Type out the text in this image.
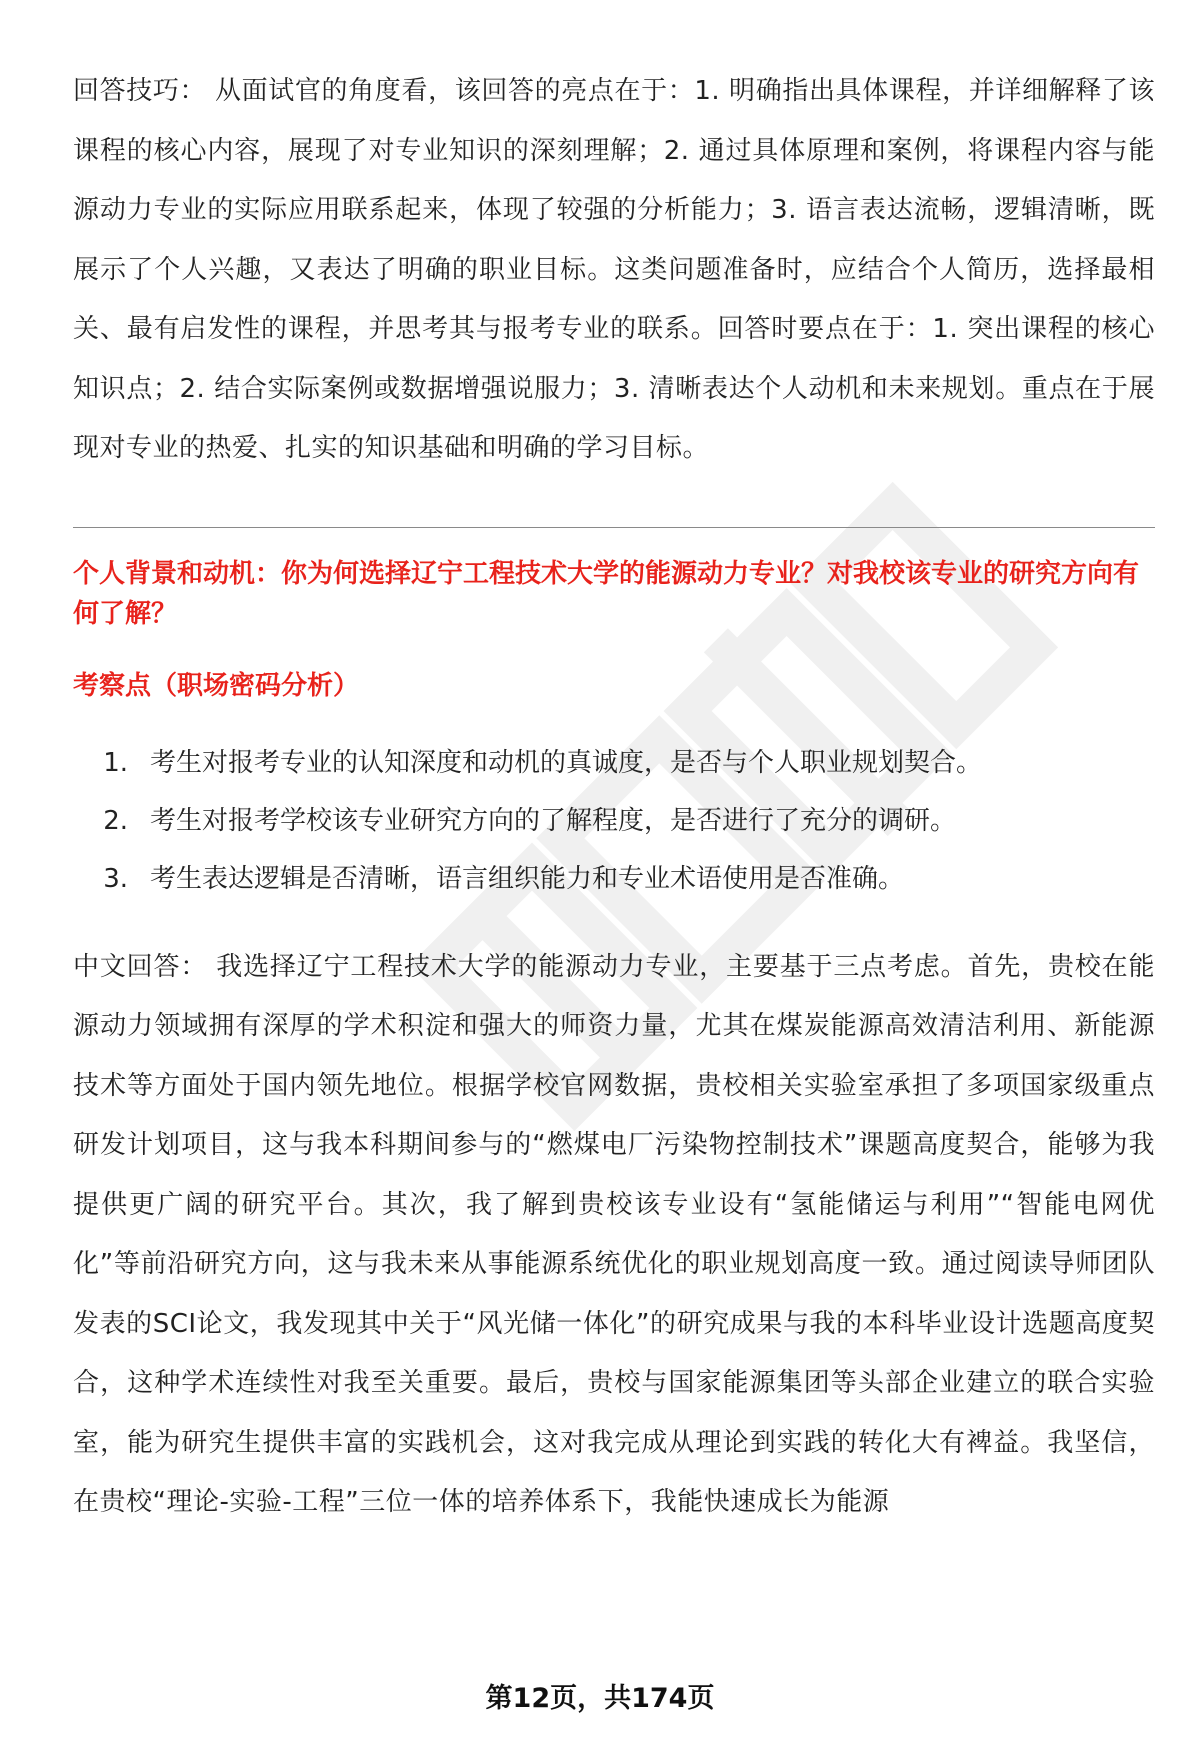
回答技巧： 从面试官的角度看，该回答的亮点在于：1. 明确指出具体课程，并详细解释了该课程的核心内容，展现了对专业知识的深刻理解；2. 通过具体原理和案例，将课程内容与能源动力专业的实际应用联系起来，体现了较强的分析能力；3. 语言表达流畅，逻辑清晰，既展示了个人兴趣，又表达了明确的职业目标。这类问题准备时，应结合个人简历，选择最相关、最有启发性的课程，并思考其与报考专业的联系。回答时要点在于：1. 突出课程的核心知识点；2. 结合实际案例或数据增强说服力；3. 清晰表达个人动机和未来规划。重点在于展现对专业的热爱、扎实的知识基础和明确的学习目标。

个人背景和动机：你为何选择辽宁工程技术大学的能源动力专业？对我校该专业的研究方向有何了解？

考察点（职场密码分析）

1. 考生对报考专业的认知深度和动机的真诚度，是否与个人职业规划契合。
2. 考生对报考学校该专业研究方向的了解程度，是否进行了充分的调研。
3. 考生表达逻辑是否清晰，语言组织能力和专业术语使用是否准确。

中文回答： 我选择辽宁工程技术大学的能源动力专业，主要基于三点考虑。首先，贵校在能源动力领域拥有深厚的学术积淀和强大的师资力量，尤其在煤炭能源高效清洁利用、新能源技术等方面处于国内领先地位。根据学校官网数据，贵校相关实验室承担了多项国家级重点研发计划项目，这与我本科期间参与的“燃煤电厂污染物控制技术”课题高度契合，能够为我提供更广阔的研究平台。其次，我了解到贵校该专业设有“氢能储运与利用”“智能电网优化”等前沿研究方向，这与我未来从事能源系统优化的职业规划高度一致。通过阅读导师团队发表的SCI论文，我发现其中关于“风光储一体化”的研究成果与我的本科毕业设计选题高度契合，这种学术连续性对我至关重要。最后，贵校与国家能源集团等头部企业建立的联合实验室，能为研究生提供丰富的实践机会，这对我完成从理论到实践的转化大有裨益。我坚信，在贵校“理论-实验-工程”三位一体的培养体系下，我能快速成长为能源

第12页，共174页
